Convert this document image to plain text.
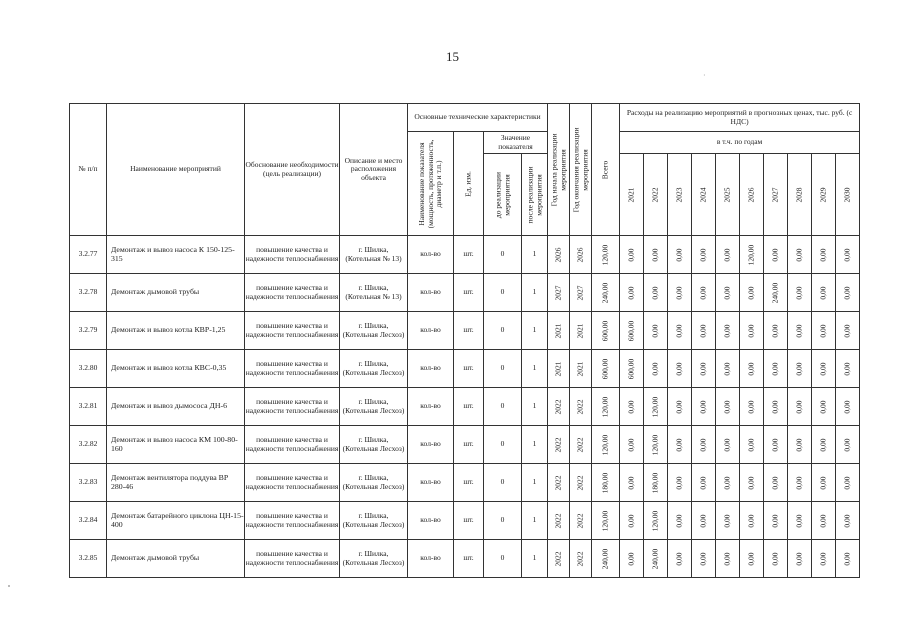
15
·
№ п/п	Наименование мероприятий	Обоснование необходимости (цель реализации)	Описание и место расположения объекта	Основные технические характеристики				Год начала реализации мероприятия	Год окончания реализации мероприятия	Всего	Расходы на реализацию мероприятий в прогнозных ценах, тыс. руб. (с НДС)									

				Наименование показателя (мощность, протяженность, диаметр и т.п.)	Ед. изм.	Значение показателя					в т.ч. по годам									

						до реализации мероприятия	после реализации мероприятия				2021	2022	2023	2024	2025	2026	2027	2028	2029	2030

3.2.77	Демонтаж и вывоз насоса К 150-125-315	повышение качества и надежности теплоснабжения	г. Шилка, (Котельная № 13)	кол-во	шт.	0	1	2026	2026	120,00	0,00	0,00	0,00	0,00	0,00	120,00	0,00	0,00	0,00	0,00

3.2.78	Демонтаж дымовой трубы	повышение качества и надежности теплоснабжения	г. Шилка, (Котельная № 13)	кол-во	шт.	0	1	2027	2027	240,00	0,00	0,00	0,00	0,00	0,00	0,00	240,00	0,00	0,00	0,00

3.2.79	Демонтаж и вывоз котла КВР-1,25	повышение качества и надежности теплоснабжения	г. Шилка, (Котельная Лесхоз)	кол-во	шт.	0	1	2021	2021	600,00	600,00	0,00	0,00	0,00	0,00	0,00	0,00	0,00	0,00	0,00

3.2.80	Демонтаж и вывоз котла КВС-0,35	повышение качества и надежности теплоснабжения	г. Шилка, (Котельная Лесхоз)	кол-во	шт.	0	1	2021	2021	600,00	600,00	0,00	0,00	0,00	0,00	0,00	0,00	0,00	0,00	0,00

3.2.81	Демонтаж и вывоз дымососа ДН-6	повышение качества и надежности теплоснабжения	г. Шилка, (Котельная Лесхоз)	кол-во	шт.	0	1	2022	2022	120,00	0,00	120,00	0,00	0,00	0,00	0,00	0,00	0,00	0,00	0,00

3.2.82	Демонтаж и вывоз насоса КМ 100-80-160	повышение качества и надежности теплоснабжения	г. Шилка, (Котельная Лесхоз)	кол-во	шт.	0	1	2022	2022	120,00	0,00	120,00	0,00	0,00	0,00	0,00	0,00	0,00	0,00	0,00

3.2.83	Демонтаж вентилятора поддува ВР 280-46	повышение качества и надежности теплоснабжения	г. Шилка, (Котельная Лесхоз)	кол-во	шт.	0	1	2022	2022	180,00	0,00	180,00	0,00	0,00	0,00	0,00	0,00	0,00	0,00	0,00

3.2.84	Демонтаж батарейного циклона ЦН-15-400	повышение качества и надежности теплоснабжения	г. Шилка, (Котельная Лесхоз)	кол-во	шт.	0	1	2022	2022	120,00	0,00	120,00	0,00	0,00	0,00	0,00	0,00	0,00	0,00	0,00

3.2.85	Демонтаж дымовой трубы	повышение качества и надежности теплоснабжения	г. Шилка, (Котельная Лесхоз)	кол-во	шт.	0	1	2022	2022	240,00	0,00	240,00	0,00	0,00	0,00	0,00	0,00	0,00	0,00	0,00
